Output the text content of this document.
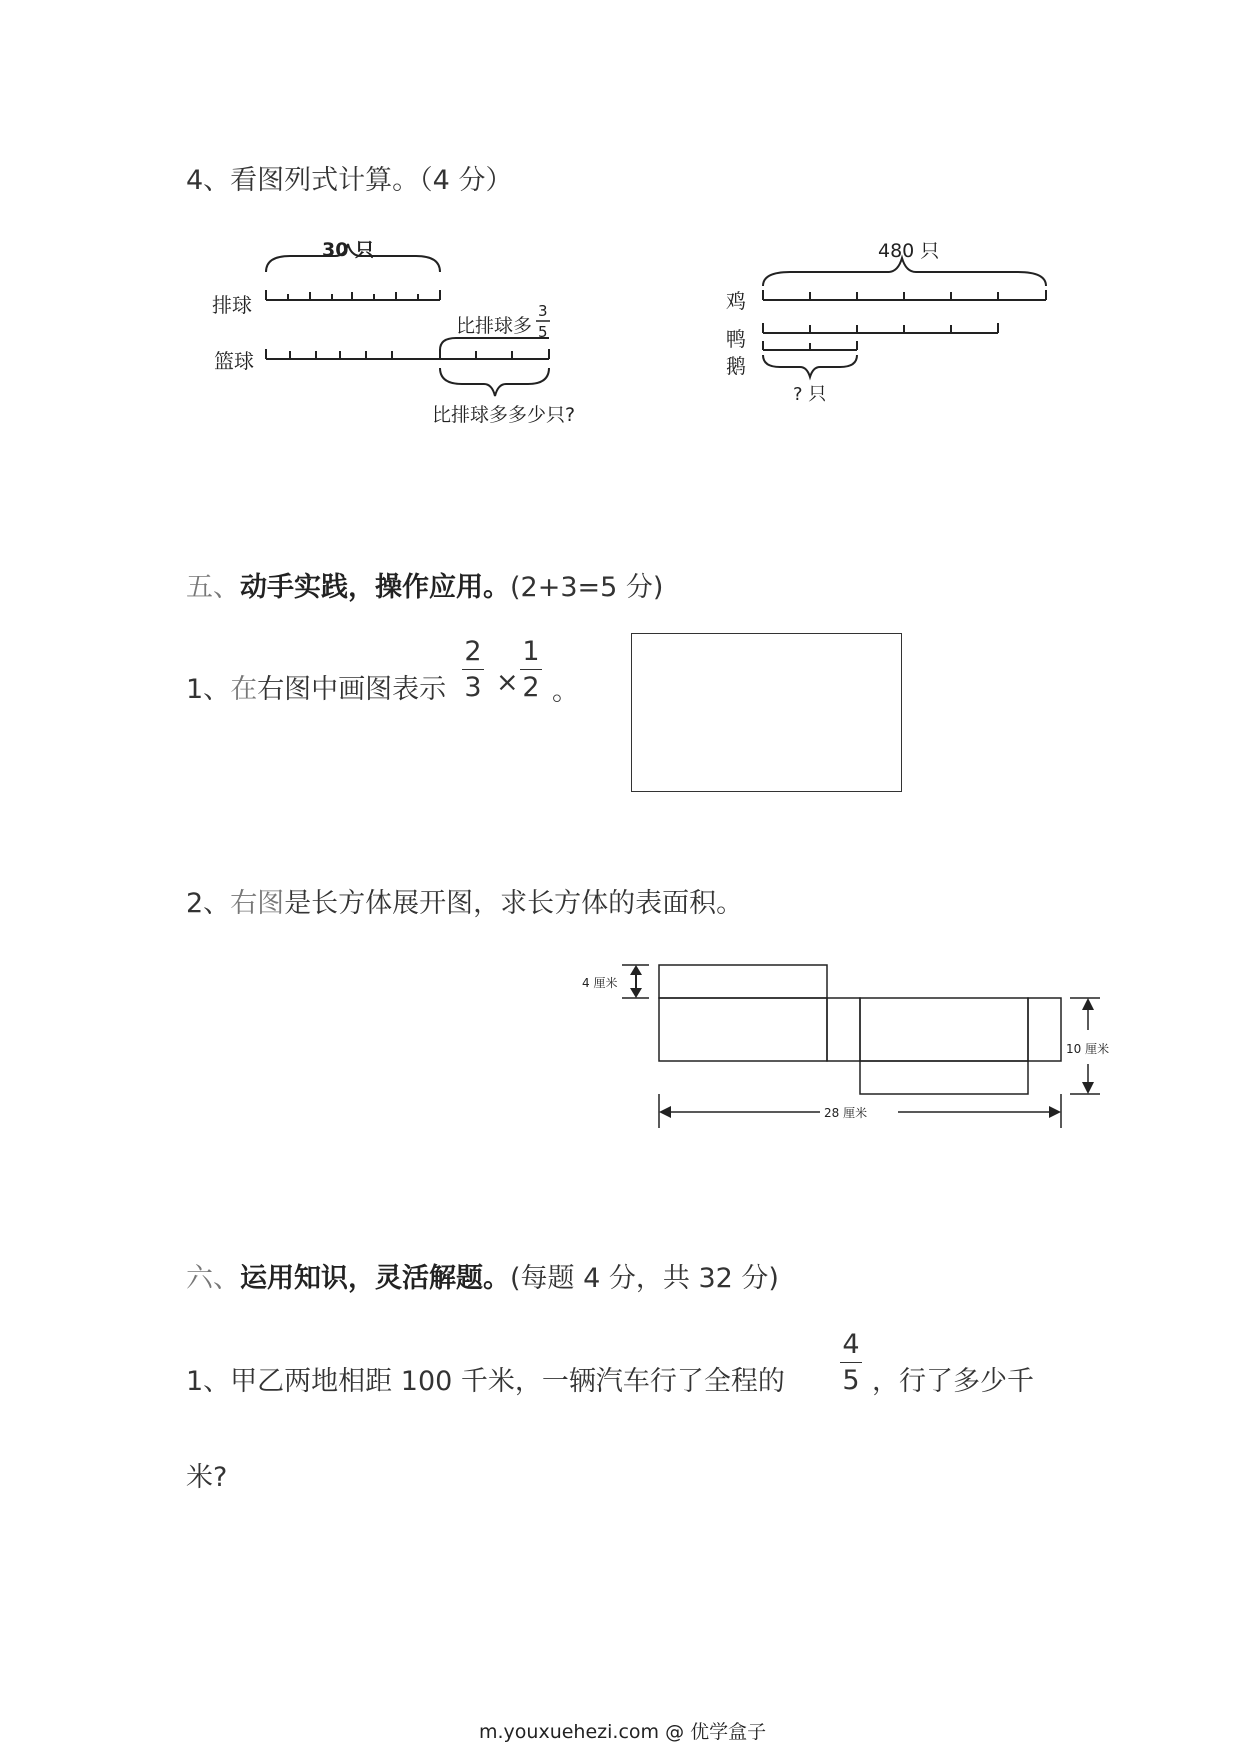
4、看图列式计算。（4 分）
30 只
排球
篮球
比排球多
3
5
比排球多多少只?
480 只
鸡
鸭
鹅
? 只
五、动手实践，操作应用。(2+3=5 分)
1、在右图中画图表示
2
3 ×
1
2 。
2、右图是长方体展开图，求长方体的表面积。
4 厘米
10 厘米
28 厘米
六、运用知识，灵活解题。(每题 4 分，共 32 分)
1、甲乙两地相距 100 千米，一辆汽车行了全程的
4
5 ，行了多少千
米?
m.youxuehezi.com @ 优学盒子
